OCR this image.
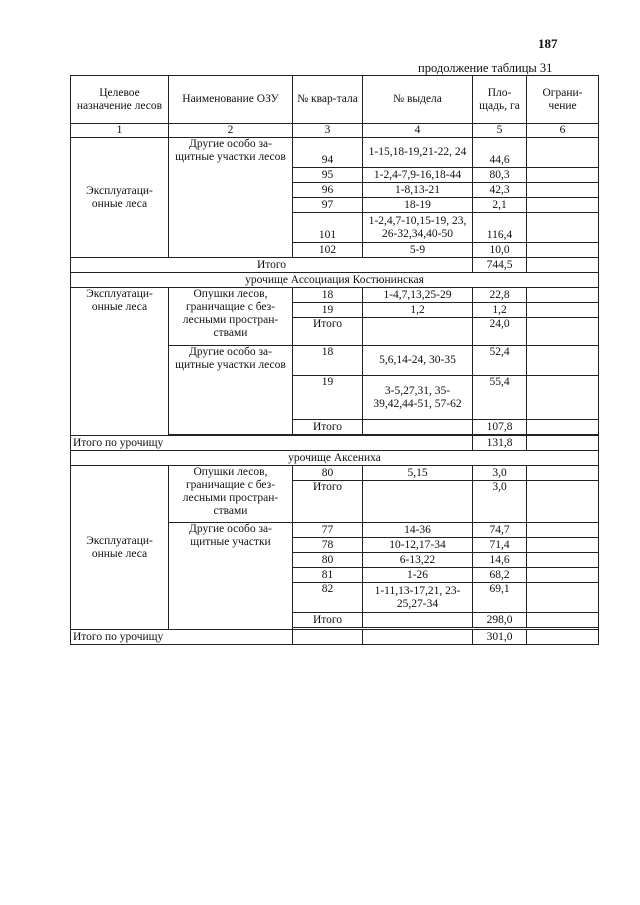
187
продолжение таблицы 31
Целевое назначение лесов	Наименование ОЗУ	№ квар-тала	№ выдела	Пло-щадь, га	Ограни-чение
1	2	3	4	5	6
Эксплуатаци-онные леса	Другие особо за-щитные участки лесов	94	1-15,18-19,21-22, 24	44,6	
		95	1-2,4-7,9-16,18-44	80,3	
		96	1-8,13-21	42,3	
		97	18-19	2,1	
		101	1-2,4,7-10,15-19, 23, 26-32,34,40-50	116,4	
		102	5-9	10,0	
Итого				744,5	
урочище Ассоциация Костюнинская					
Эксплуатаци-онные леса	Опушки лесов, граничащие с без-лесными простран-ствами	18	1-4,7,13,25-29	22,8	
		19	1,2	1,2	
		Итого		24,0	
	Другие особо за-щитные участки лесов	18	5,6,14-24, 30-35	52,4	
		19	3-5,27,31, 35-39,42,44-51, 57-62	55,4	
		Итого		107,8	

Итого по урочищу				131,8	
урочище Аксениха					
Эксплуатаци-онные леса	Опушки лесов, граничащие с без-лесными простран-ствами	80	5,15	3,0	
		Итого		3,0	
	Другие особо за-щитные участки	77	14-36	74,7	
		78	10-12,17-34	71,4	
		80	6-13,22	14,6	
		81	1-26	68,2	
		82	1-11,13-17,21, 23-25,27-34	69,1	
		Итого		298,0	

Итого по урочищу				301,0	
